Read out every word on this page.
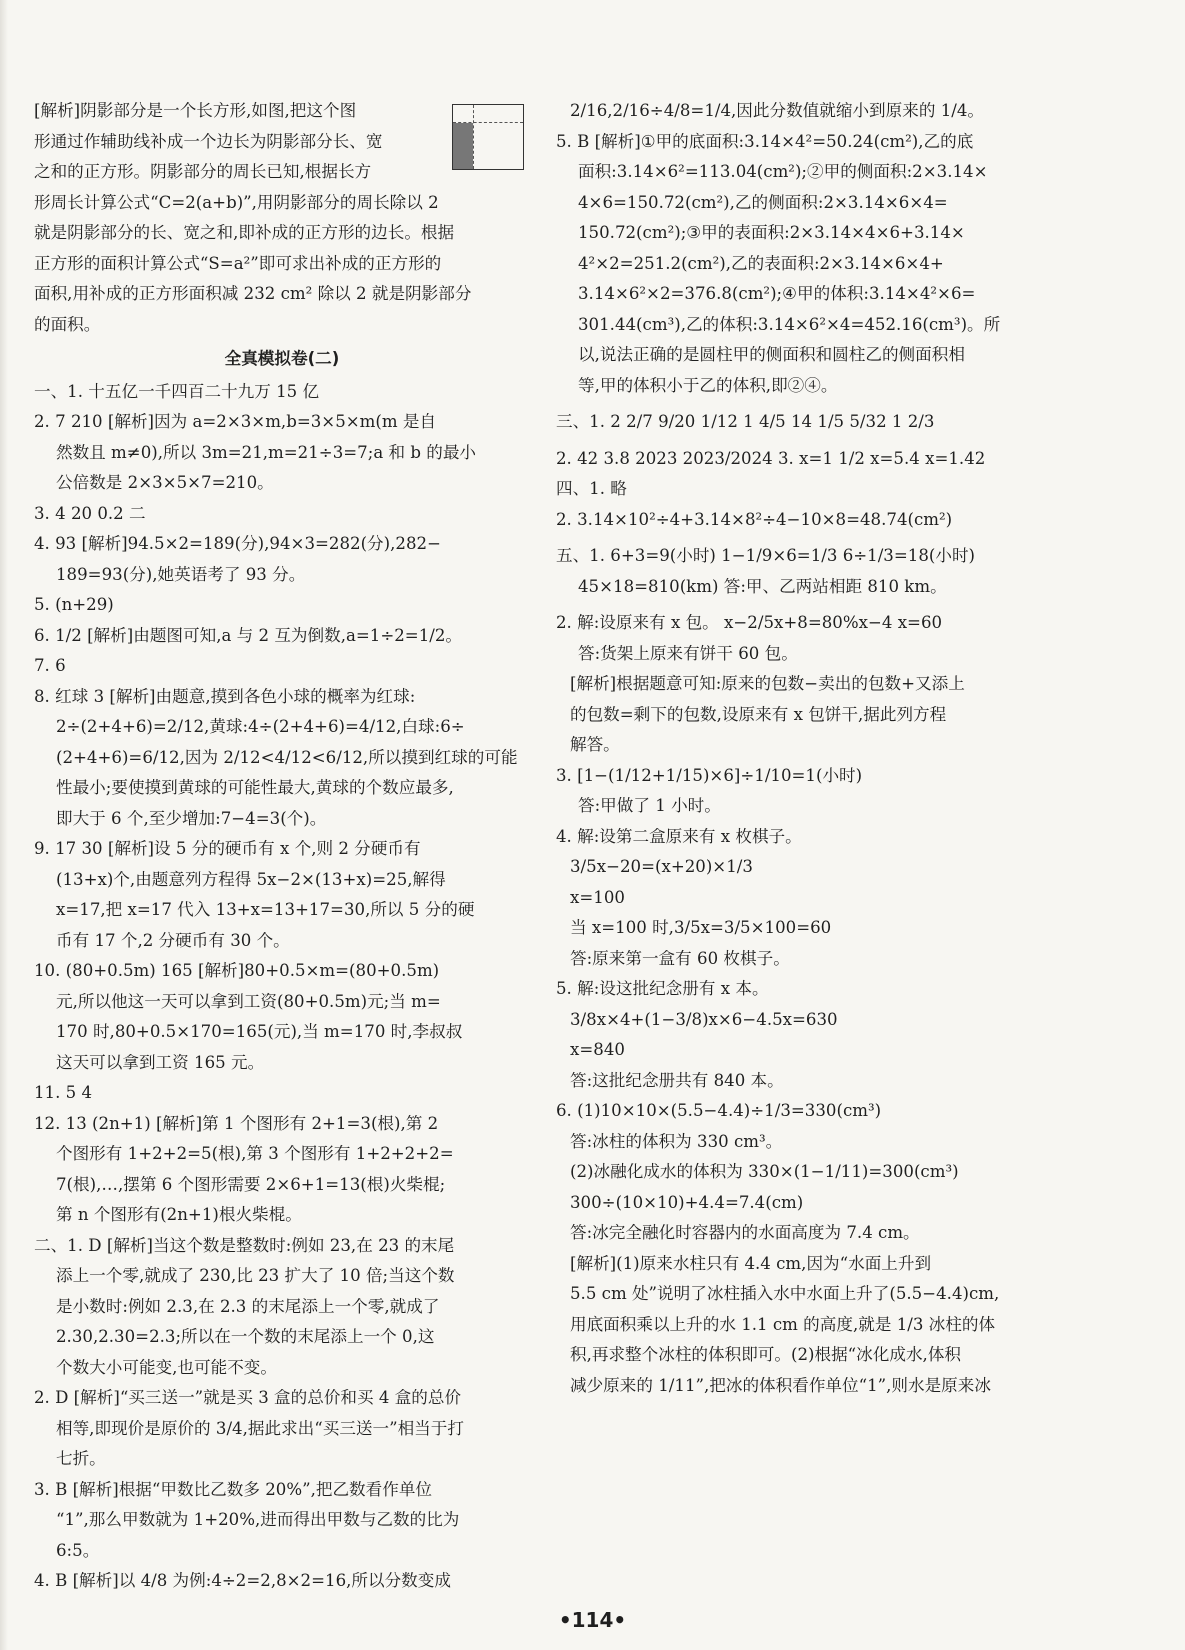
[解析]阴影部分是一个长方形,如图,把这个图

形通过作辅助线补成一个边长为阴影部分长、宽

之和的正方形。阴影部分的周长已知,根据长方

形周长计算公式“C=2(a+b)”,用阴影部分的周长除以 2

就是阴影部分的长、宽之和,即补成的正方形的边长。根据

正方形的面积计算公式“S=a²”即可求出补成的正方形的

面积,用补成的正方形面积减 232 cm² 除以 2 就是阴影部分

的面积。

全真模拟卷(二)

一、1. 十五亿一千四百二十九万 15 亿

2. 7 210 [解析]因为 a=2×3×m,b=3×5×m(m 是自

然数且 m≠0),所以 3m=21,m=21÷3=7;a 和 b 的最小

公倍数是 2×3×5×7=210。

3. 4 20 0.2 二

4. 93 [解析]94.5×2=189(分),94×3=282(分),282−

189=93(分),她英语考了 93 分。

5. (n+29)

6. 1/2 [解析]由题图可知,a 与 2 互为倒数,a=1÷2=1/2。

7. 6

8. 红球 3 [解析]由题意,摸到各色小球的概率为红球:

2÷(2+4+6)=2/12,黄球:4÷(2+4+6)=4/12,白球:6÷

(2+4+6)=6/12,因为 2/12<4/12<6/12,所以摸到红球的可能

性最小;要使摸到黄球的可能性最大,黄球的个数应最多,

即大于 6 个,至少增加:7−4=3(个)。

9. 17 30 [解析]设 5 分的硬币有 x 个,则 2 分硬币有

(13+x)个,由题意列方程得 5x−2×(13+x)=25,解得

x=17,把 x=17 代入 13+x=13+17=30,所以 5 分的硬

币有 17 个,2 分硬币有 30 个。

10. (80+0.5m) 165 [解析]80+0.5×m=(80+0.5m)

元,所以他这一天可以拿到工资(80+0.5m)元;当 m=

170 时,80+0.5×170=165(元),当 m=170 时,李叔叔

这天可以拿到工资 165 元。

11. 5 4

12. 13 (2n+1) [解析]第 1 个图形有 2+1=3(根),第 2

个图形有 1+2+2=5(根),第 3 个图形有 1+2+2+2=

7(根),…,摆第 6 个图形需要 2×6+1=13(根)火柴棍;

第 n 个图形有(2n+1)根火柴棍。

二、1. D [解析]当这个数是整数时:例如 23,在 23 的末尾

添上一个零,就成了 230,比 23 扩大了 10 倍;当这个数

是小数时:例如 2.3,在 2.3 的末尾添上一个零,就成了

2.30,2.30=2.3;所以在一个数的末尾添上一个 0,这

个数大小可能变,也可能不变。

2. D [解析]“买三送一”就是买 3 盒的总价和买 4 盒的总价

相等,即现价是原价的 3/4,据此求出“买三送一”相当于打

七折。

3. B [解析]根据“甲数比乙数多 20%”,把乙数看作单位

“1”,那么甲数就为 1+20%,进而得出甲数与乙数的比为

6:5。

4. B [解析]以 4/8 为例:4÷2=2,8×2=16,所以分数变成

2/16,2/16÷4/8=1/4,因此分数值就缩小到原来的 1/4。

5. B [解析]①甲的底面积:3.14×4²=50.24(cm²),乙的底

面积:3.14×6²=113.04(cm²);②甲的侧面积:2×3.14×

4×6=150.72(cm²),乙的侧面积:2×3.14×6×4=

150.72(cm²);③甲的表面积:2×3.14×4×6+3.14×

4²×2=251.2(cm²),乙的表面积:2×3.14×6×4+

3.14×6²×2=376.8(cm²);④甲的体积:3.14×4²×6=

301.44(cm³),乙的体积:3.14×6²×4=452.16(cm³)。所

以,说法正确的是圆柱甲的侧面积和圆柱乙的侧面积相

等,甲的体积小于乙的体积,即②④。

三、1. 2 2/7 9/20 1/12 1 4/5 14 1/5 5/32 1 2/3

2. 42 3.8 2023 2023/2024 3. x=1 1/2 x=5.4 x=1.42

四、1. 略

2. 3.14×10²÷4+3.14×8²÷4−10×8=48.74(cm²)

五、1. 6+3=9(小时) 1−1/9×6=1/3 6÷1/3=18(小时)

45×18=810(km) 答:甲、乙两站相距 810 km。

2. 解:设原来有 x 包。 x−2/5x+8=80%x−4 x=60

答:货架上原来有饼干 60 包。

[解析]根据题意可知:原来的包数−卖出的包数+又添上

的包数=剩下的包数,设原来有 x 包饼干,据此列方程

解答。

3. [1−(1/12+1/15)×6]÷1/10=1(小时)

答:甲做了 1 小时。

4. 解:设第二盒原来有 x 枚棋子。

3/5x−20=(x+20)×1/3

x=100

当 x=100 时,3/5x=3/5×100=60

答:原来第一盒有 60 枚棋子。

5. 解:设这批纪念册有 x 本。

3/8x×4+(1−3/8)x×6−4.5x=630

x=840

答:这批纪念册共有 840 本。

6. (1)10×10×(5.5−4.4)÷1/3=330(cm³)

答:冰柱的体积为 330 cm³。

(2)冰融化成水的体积为 330×(1−1/11)=300(cm³)

300÷(10×10)+4.4=7.4(cm)

答:冰完全融化时容器内的水面高度为 7.4 cm。

[解析](1)原来水柱只有 4.4 cm,因为“水面上升到

5.5 cm 处”说明了冰柱插入水中水面上升了(5.5−4.4)cm,

用底面积乘以上升的水 1.1 cm 的高度,就是 1/3 冰柱的体

积,再求整个冰柱的体积即可。(2)根据“冰化成水,体积

减少原来的 1/11”,把冰的体积看作单位“1”,则水是原来冰

•114•
